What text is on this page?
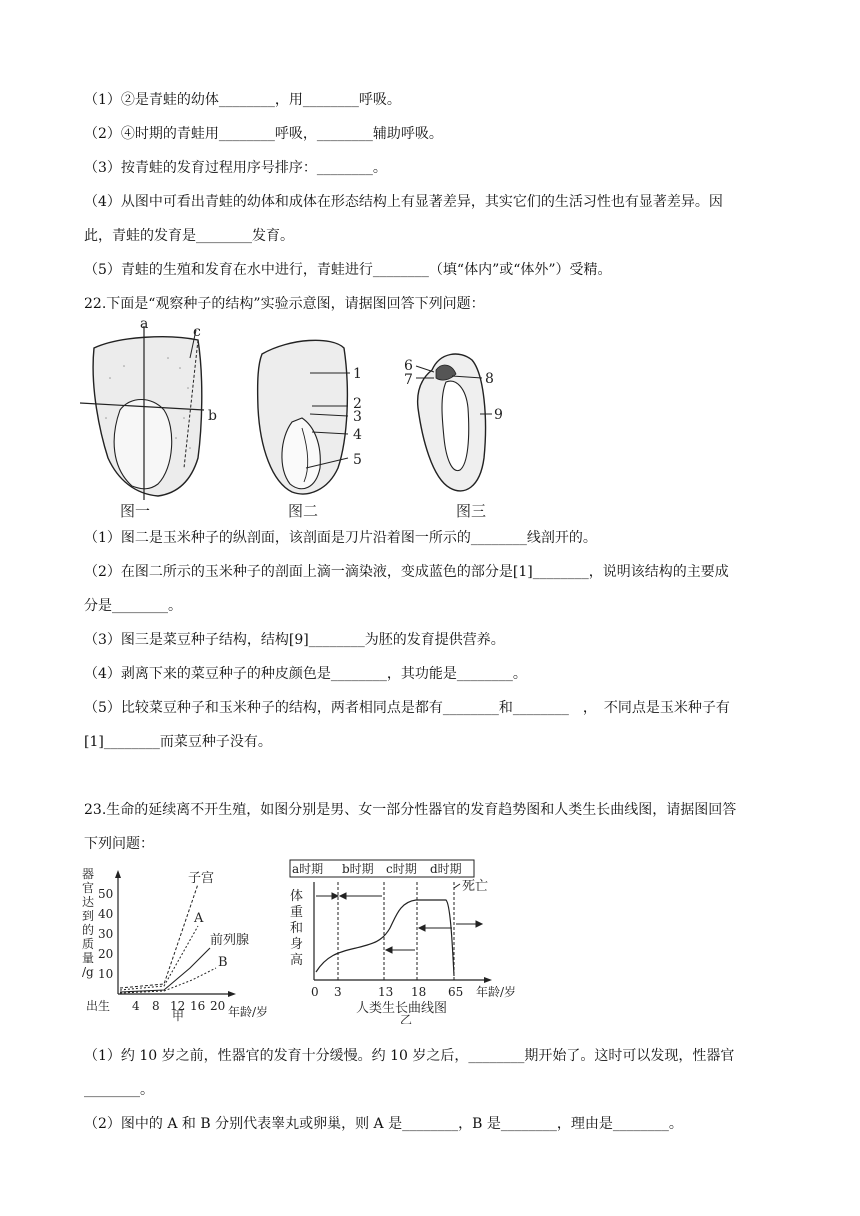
（1）②是青蛙的幼体________，用________呼吸。
（2）④时期的青蛙用________呼吸，________辅助呼吸。
（3）按青蛙的发育过程用序号排序：________。
（4）从图中可看出青蛙的幼体和成体在形态结构上有显著差异，其实它们的生活习性也有显著差异。因
此，青蛙的发育是________发育。
（5）青蛙的生殖和发育在水中进行，青蛙进行________（填“体内”或“体外”）受精。
22.下面是“观察种子的结构”实验示意图，请据图回答下列问题：
a	c
b
图一
1
2
3
4
5
图二
6
7	8
9
图三
（1）图二是玉米种子的纵剖面，该剖面是刀片沿着图一所示的________线剖开的。
（2）在图二所示的玉米种子的剖面上滴一滴染液，变成蓝色的部分是[1]________，说明该结构的主要成
分是________。
（3）图三是菜豆种子结构，结构[9]________为胚的发育提供营养。
（4）剥离下来的菜豆种子的种皮颜色是________，其功能是________。
（5）比较菜豆种子和玉米种子的结构，两者相同点是都有________和________　，　不同点是玉米种子有
[1]________而菜豆种子没有。
23.生命的延续离不开生殖，如图分别是男、女一部分性器官的发育趋势图和人类生长曲线图，请据图回答
下列问题：
器
官
达
到
的
质
量
/g
50
40
30
20
10
出生 4 8 12 16 20 年龄/岁
甲
子宫
A
前列腺
B
a时期 b时期 c时期 d时期
体
重
和
身
高
死亡
0 3	13 18 65 年龄/岁
人类生长曲线图
乙
（1）约 10 岁之前，性器官的发育十分缓慢。约 10 岁之后，________期开始了。这时可以发现，性器官
________。
（2）图中的 A 和 B 分别代表睾丸或卵巢，则 A 是________，B 是________，理由是________。
